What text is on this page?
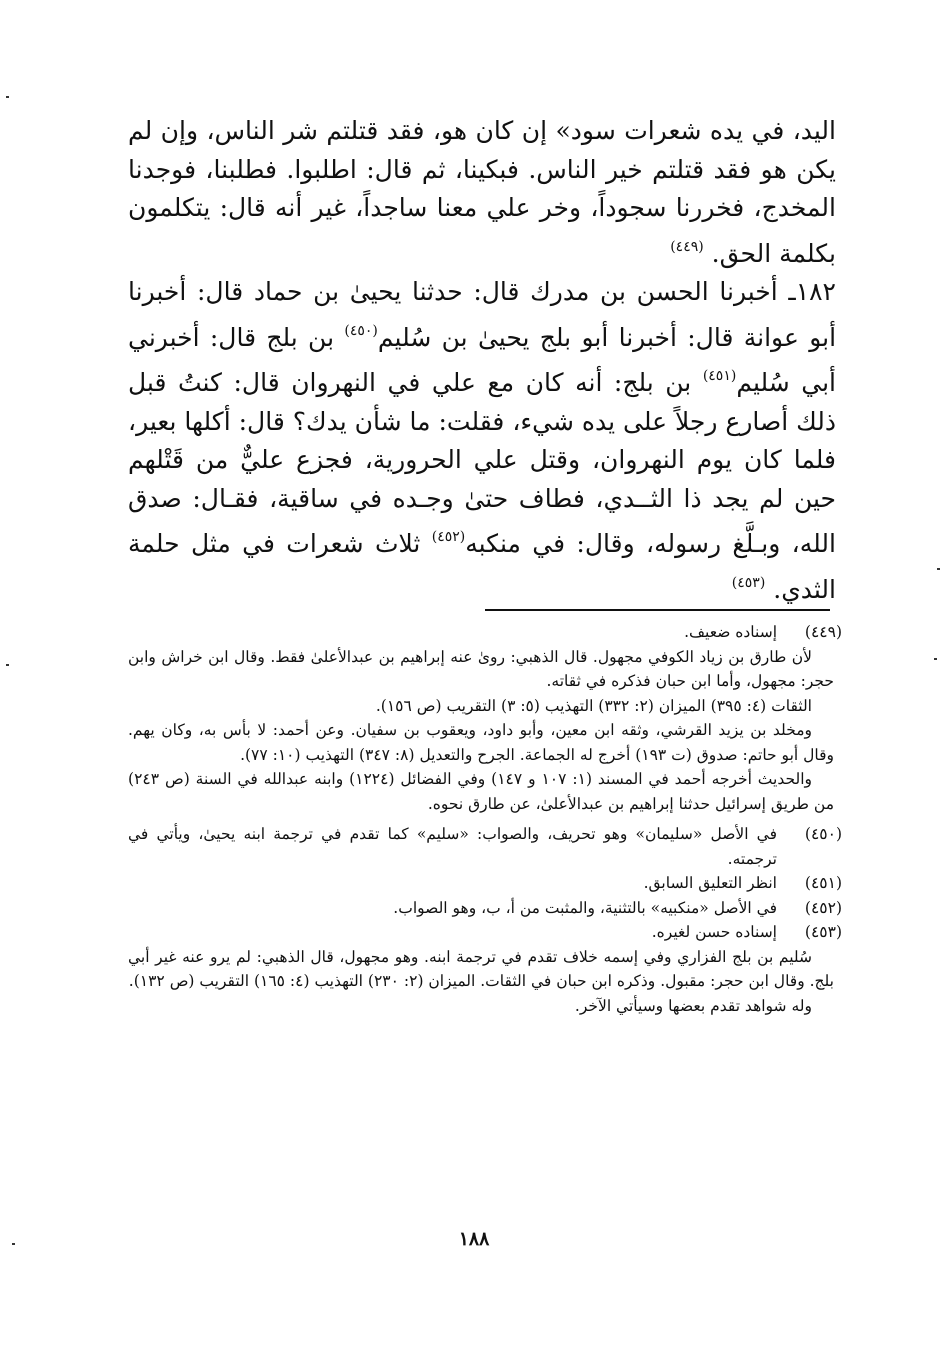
اليد، في يده شعرات سود» إن كان هو، فقد قتلتم شر الناس، وإن لم يكن هو فقد قتلتم خير الناس. فبكينا، ثم قال: اطلبوا. فطلبنا، فوجدنا المخدج، فخررنا سجوداً، وخر علي معنا ساجداً، غير أنه قال: يتكلمون بكلمة الحق. $^{(٤٤٩)}$

١٨٢ـ أخبرنا الحسن بن مدرك قال: حدثنا يحيىٰ بن حماد قال: أخبرنا أبو عوانة قال: أخبرنا أبو بلج يحيىٰ بن سُليم$^{(٤٥٠)}$ بن بلج قال: أخبرني أبي سُليم$^{(٤٥١)}$ بن بلج: أنه كان مع علي في النهروان قال: كنتُ قبل ذلك أصارع رجلاً على يده شيء، فقلت: ما شأن يدك؟ قال: أكلها بعير، فلما كان يوم النهروان، وقتل علي الحرورية، فجزع عليٌّ من قَتْلهم حين لم يجد ذا الثــدي، فطاف حتىٰ وجـده في ساقية، فقـال: صدق الله، وبـلَّغ رسوله، وقال: في منكبه$^{(٤٥٢)}$ ثلاث شعرات في مثل حلمة الثدي. $^{(٤٥٣)}$

(٤٤٩)
إسناده ضعيف.

لأن طارق بن زياد الكوفي مجهول. قال الذهبي: رویٰ عنه إبراهيم بن عبدالأعلىٰ فقط. وقال ابن خراش وابن حجر: مجهول، وأما ابن حبان فذكره في ثقاته.

الثقات (٤: ٣٩٥) الميزان (٢: ٣٣٢) التهذيب (٥: ٣) التقريب (ص ١٥٦).

ومخلد بن يزيد القرشي، وثقه ابن معين، وأبو داود، ويعقوب بن سفيان. وعن أحمد: لا بأس به، وكان يهم. وقال أبو حاتم: صدوق (ت ١٩٣) أخرج له الجماعة. الجرح والتعديل (٨: ٣٤٧) التهذيب (١٠: ٧٧).

والحديث أخرجه أحمد في المسند (١: ١٠٧ و ١٤٧) وفي الفضائل (١٢٢٤) وابنه عبدالله في السنة (ص ٢٤٣) من طريق إسرائيل حدثنا إبراهيم بن عبدالأعلىٰ، عن طارق نحوه.

(٤٥٠)
في الأصل «سليمان» وهو تحريف، والصواب: «سليم» كما تقدم في ترجمة ابنه يحيىٰ، ويأتي في ترجمته.
(٤٥١)
انظر التعليق السابق.
(٤٥٢)
في الأصل «منكبيه» بالتثنية، والمثبت من أ، ب، وهو الصواب.
(٤٥٣)
إسناده حسن لغيره.

سُليم بن بلج الفزاري وفي إسمه خلاف تقدم في ترجمة ابنه. وهو مجهول، قال الذهبي: لم يرو عنه غير أبي بلج. وقال ابن حجر: مقبول. وذكره ابن حبان في الثقات. الميزان (٢: ٢٣٠) التهذيب (٤: ١٦٥) التقريب (ص ١٣٢).

وله شواهد تقدم بعضها وسيأتي الآخر.

١٨٨
